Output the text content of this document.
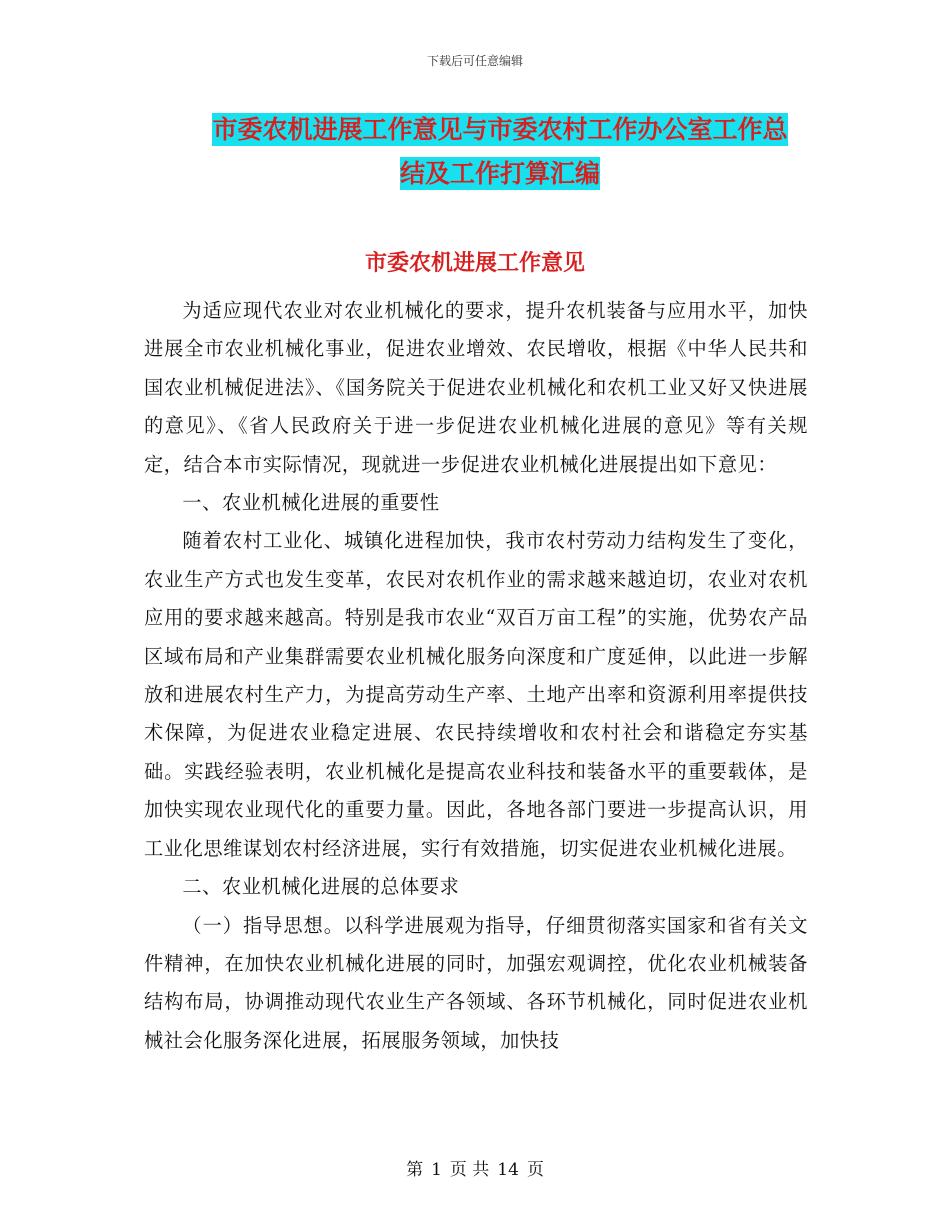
下载后可任意编辑
市委农机进展工作意见与市委农村工作办公室工作总
结及工作打算汇编
市委农机进展工作意见

为适应现代农业对农业机械化的要求，提升农机装备与应用水平，加快进展全市农业机械化事业，促进农业增效、农民增收，根据《中华人民共和国农业机械促进法》、《国务院关于促进农业机械化和农机工业又好又快进展的意见》、《省人民政府关于进一步促进农业机械化进展的意见》等有关规定，结合本市实际情况，现就进一步促进农业机械化进展提出如下意见：

一、农业机械化进展的重要性

随着农村工业化、城镇化进程加快，我市农村劳动力结构发生了变化，农业生产方式也发生变革，农民对农机作业的需求越来越迫切，农业对农机应用的要求越来越高。特别是我市农业“双百万亩工程”的实施，优势农产品区域布局和产业集群需要农业机械化服务向深度和广度延伸，以此进一步解放和进展农村生产力，为提高劳动生产率、土地产出率和资源利用率提供技术保障，为促进农业稳定进展、农民持续增收和农村社会和谐稳定夯实基础。实践经验表明，农业机械化是提高农业科技和装备水平的重要载体，是加快实现农业现代化的重要力量。因此，各地各部门要进一步提高认识，用工业化思维谋划农村经济进展，实行有效措施，切实促进农业机械化进展。

二、农业机械化进展的总体要求

（一）指导思想。以科学进展观为指导，仔细贯彻落实国家和省有关文件精神，在加快农业机械化进展的同时，加强宏观调控，优化农业机械装备结构布局，协调推动现代农业生产各领域、各环节机械化，同时促进农业机械社会化服务深化进展，拓展服务领域，加快技

第 1 页 共 14 页
